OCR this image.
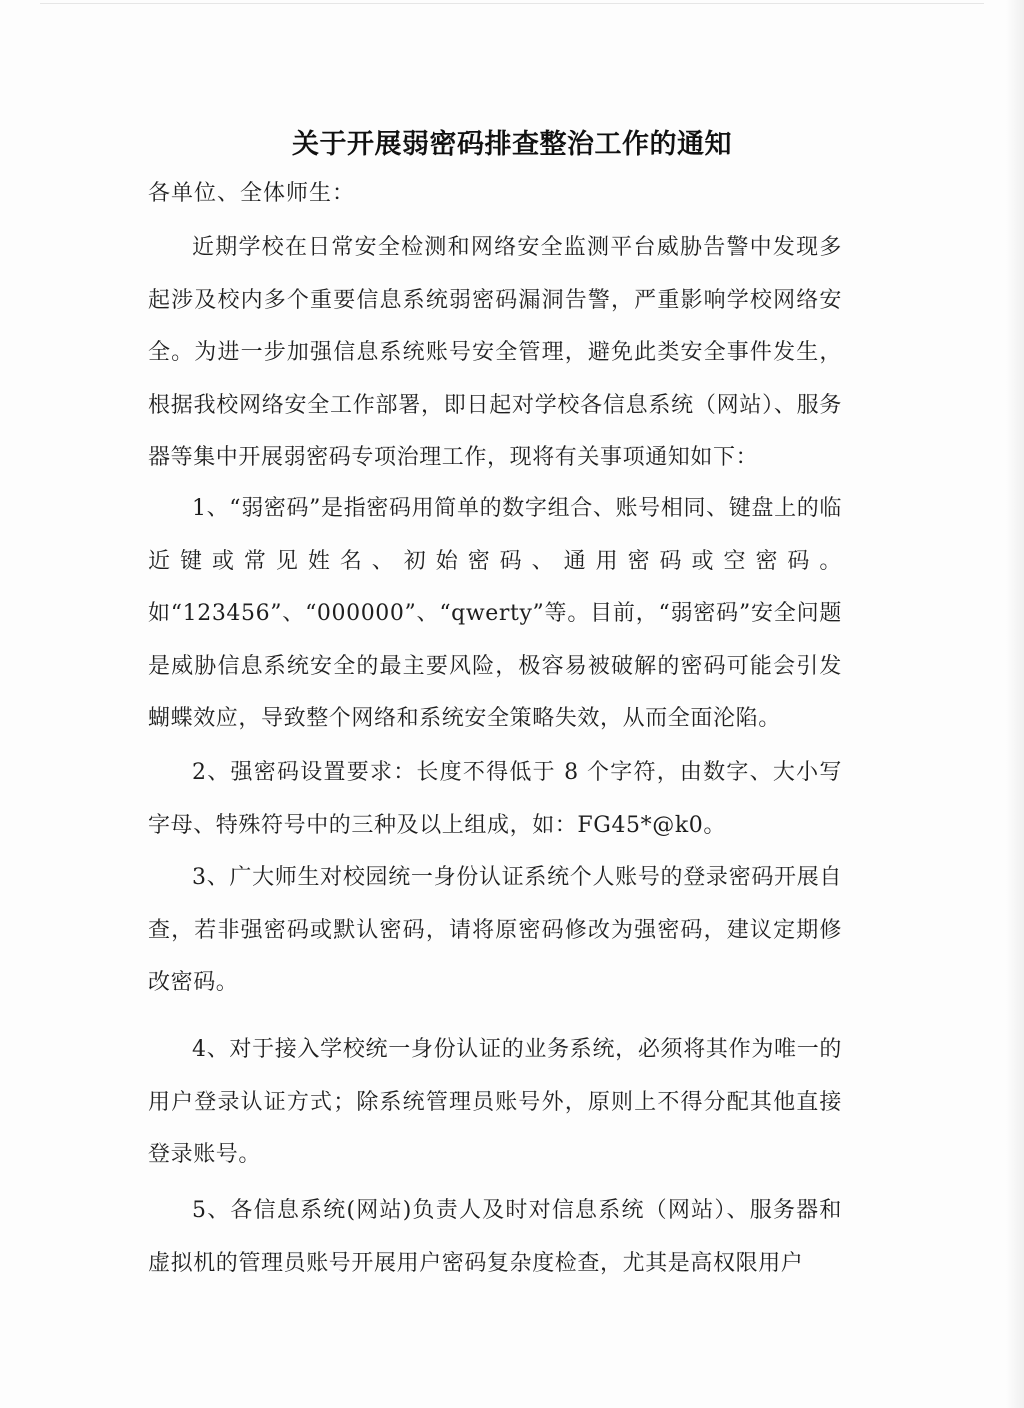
关于开展弱密码排查整治工作的通知
各单位、全体师生：
近期学校在日常安全检测和网络安全监测平台威胁告警中发现多起涉及校内多个重要信息系统弱密码漏洞告警，严重影响学校网络安全。为进一步加强信息系统账号安全管理，避免此类安全事件发生，根据我校网络安全工作部署，即日起对学校各信息系统（网站）、服务器等集中开展弱密码专项治理工作，现将有关事项通知如下：
1、“弱密码”是指密码用简单的数字组合、账号相同、键盘上的临近键或常见姓名、初始密码、通用密码或空密码。如“123456”、“000000”、“qwerty”等。目前，“弱密码”安全问题是威胁信息系统安全的最主要风险，极容易被破解的密码可能会引发蝴蝶效应，导致整个网络和系统安全策略失效，从而全面沦陷。
2、强密码设置要求：长度不得低于 8 个字符，由数字、大小写字母、特殊符号中的三种及以上组成，如：FG45*@k0。
3、广大师生对校园统一身份认证系统个人账号的登录密码开展自查，若非强密码或默认密码，请将原密码修改为强密码，建议定期修改密码。
4、对于接入学校统一身份认证的业务系统，必须将其作为唯一的用户登录认证方式；除系统管理员账号外，原则上不得分配其他直接登录账号。
5、各信息系统(网站)负责人及时对信息系统（网站）、服务器和虚拟机的管理员账号开展用户密码复杂度检查，尤其是高权限用户
